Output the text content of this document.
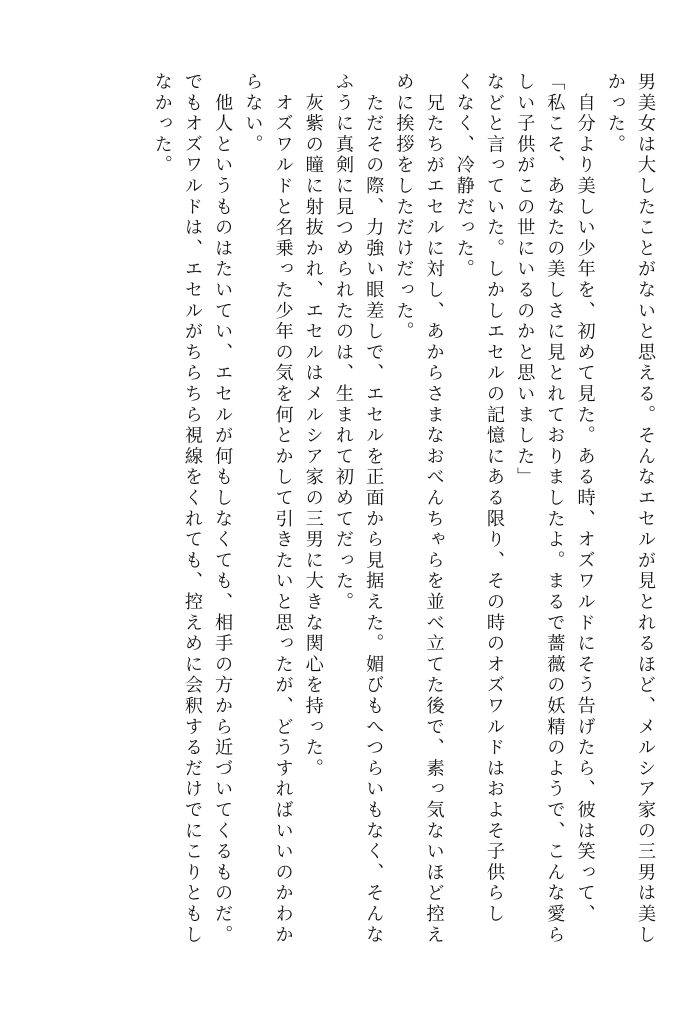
男美女は大したことがないと思える。そんなエセルが見とれるほど、メルシア家の三男は美し
かった。
　自分より美しい少年を、初めて見た。ある時、オズワルドにそう告げたら、彼は笑って、
「私こそ、あなたの美しさに見とれておりましたよ。まるで薔薇の妖精のようで、こんな愛ら
しい子供がこの世にいるのかと思いました」
などと言っていた。しかしエセルの記憶にある限り、その時のオズワルドはおよそ子供らし
くなく、冷静だった。
　兄たちがエセルに対し、あからさまなおべんちゃらを並べ立てた後で、素っ気ないほど控え
めに挨拶をしただけだった。
　ただその際、力強い眼差しで、エセルを正面から見据えた。媚びもへつらいもなく、そんな
ふうに真剣に見つめられたのは、生まれて初めてだった。
　灰紫の瞳に射抜かれ、エセルはメルシア家の三男に大きな関心を持った。
　オズワルドと名乗った少年の気を何とかして引きたいと思ったが、どうすればいいのかわか
らない。
　他人というものはたいてい、エセルが何もしなくても、相手の方から近づいてくるものだ。
でもオズワルドは、エセルがちらちら視線をくれても、控えめに会釈するだけでにこりともし
なかった。
